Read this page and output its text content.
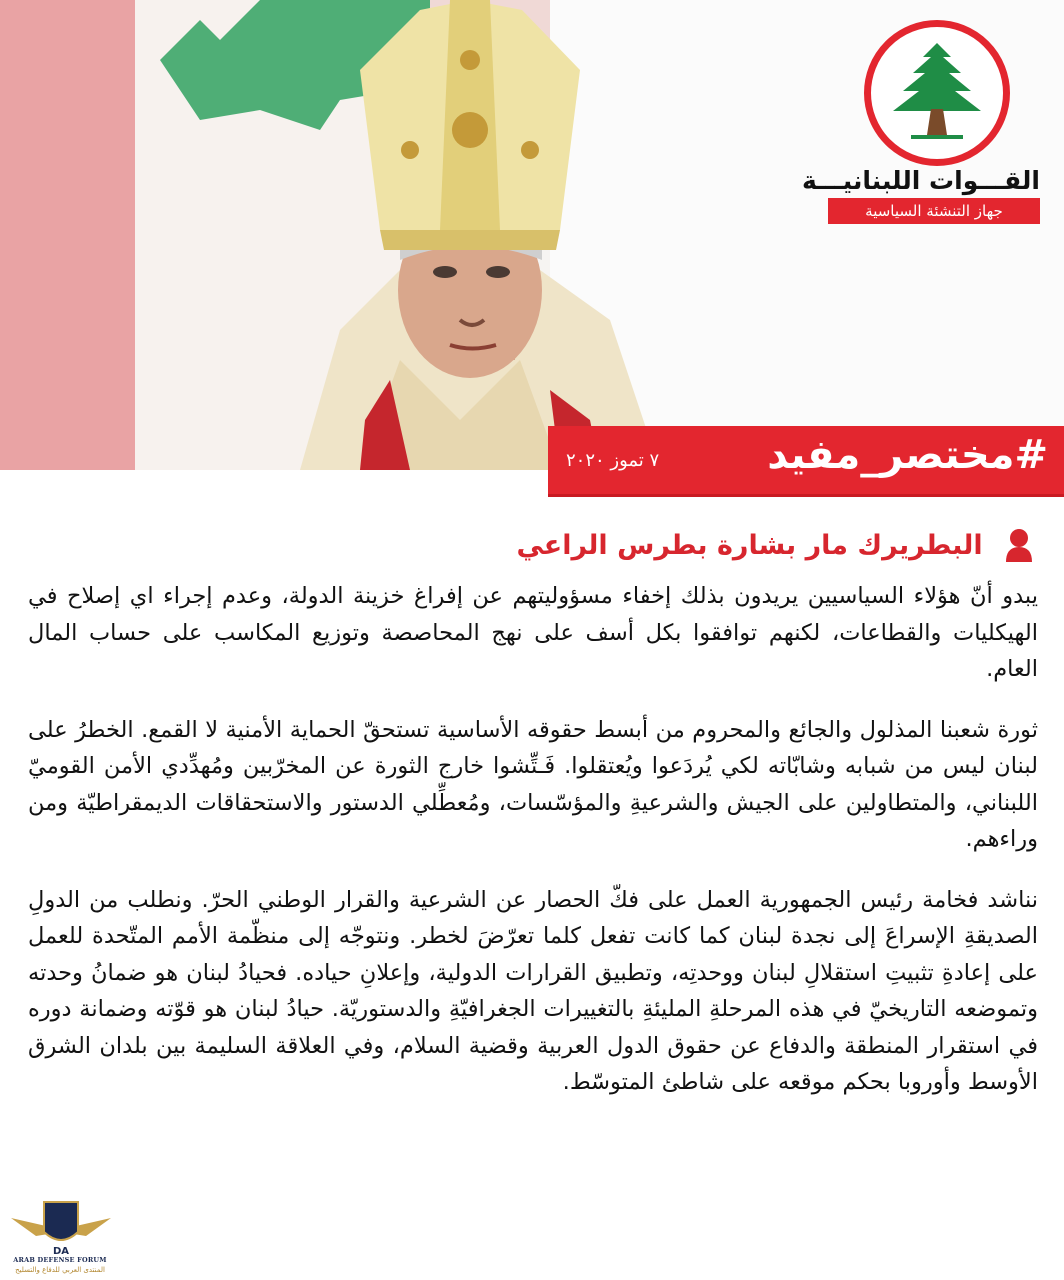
القـــوات اللبنانيـــة
جهاز التنشئة السياسية
#مختصر_مفيد
٧ تموز ٢٠٢٠
البطريرك مار بشارة بطرس الراعي

يبدو أنّ هؤلاء السياسيين يريدون بذلك إخفاء مسؤوليتهم عن إفراغ خزينة الدولة، وعدم إجراء اي إصلاح في الهيكليات والقطاعات، لكنهم توافقوا بكل أسف على نهج المحاصصة وتوزيع المكاسب على حساب المال العام.

ثورة شعبنا المذلول والجائع والمحروم من أبسط حقوقه الأساسية تستحقّ الحماية الأمنية لا القمع. الخطرُ على لبنان ليس من شبابه وشابّاته لكي يُردَعوا ويُعتقلوا. فَـتِّشوا خارج الثورة عن المخرّبين ومُهدِّدي الأمن القوميّ اللبناني، والمتطاولين على الجيش والشرعيةِ والمؤسّسات، ومُعطِّلي الدستور والاستحقاقات الديمقراطيّة ومن وراءهم.

نناشد فخامة رئيس الجمهورية العمل على فكّ الحصار عن الشرعية والقرار الوطني الحرّ. ونطلب من الدولِ الصديقةِ الإسراعَ إلى نجدة لبنان كما كانت تفعل كلما تعرّضَ لخطر. ونتوجّه إلى منظّمة الأمم المتّحدة للعمل على إعادةِ تثبيتِ استقلالِ لبنان ووحدتِه، وتطبيق القرارات الدولية، وإعلانِ حياده. فحيادُ لبنان هو ضمانُ وحدته وتموضعه التاريخيّ في هذه المرحلةِ المليئةِ بالتغييرات الجغرافيّةِ والدستوريّة. حيادُ لبنان هو قوّته وضمانة دوره في استقرار المنطقة والدفاع عن حقوق الدول العربية وقضية السلام، وفي العلاقة السليمة بين بلدان الشرق الأوسط وأوروبا بحكم موقعه على شاطئ المتوسّط.

DA
ARAB DEFENSE FORUM
المنتدى العربي للدفاع والتسليح
